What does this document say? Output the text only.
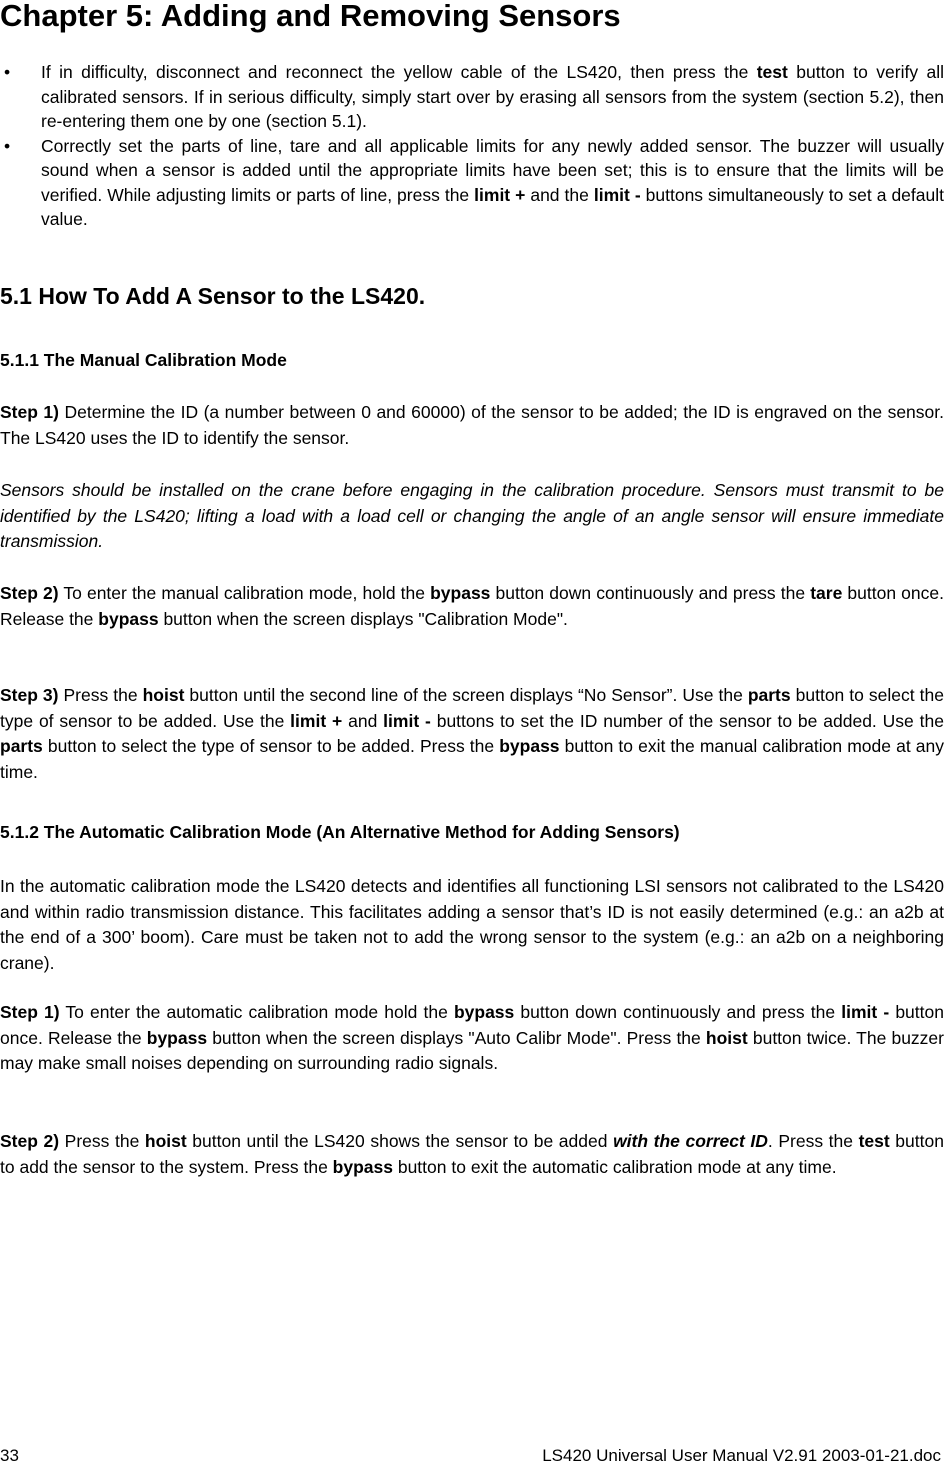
Chapter 5: Adding and Removing Sensors
• If in difficulty, disconnect and reconnect the yellow cable of the LS420, then press the test button to verify all calibrated sensors. If in serious difficulty, simply start over by erasing all sensors from the system (section 5.2), then re-entering them one by one (section 5.1).
• Correctly set the parts of line, tare and all applicable limits for any newly added sensor. The buzzer will usually sound when a sensor is added until the appropriate limits have been set; this is to ensure that the limits will be verified. While adjusting limits or parts of line, press the limit + and the limit - buttons simultaneously to set a default value.
5.1 How To Add A Sensor to the LS420.
5.1.1 The Manual Calibration Mode

Step 1) Determine the ID (a number between 0 and 60000) of the sensor to be added; the ID is engraved on the sensor. The LS420 uses the ID to identify the sensor.

Sensors should be installed on the crane before engaging in the calibration procedure. Sensors must transmit to be identified by the LS420; lifting a load with a load cell or changing the angle of an angle sensor will ensure immediate transmission.

Step 2) To enter the manual calibration mode, hold the bypass button down continuously and press the tare button once. Release the bypass button when the screen displays "Calibration Mode".

Step 3) Press the hoist button until the second line of the screen displays “No Sensor”. Use the parts button to select the type of sensor to be added. Use the limit + and limit - buttons to set the ID number of the sensor to be added. Use the parts button to select the type of sensor to be added. Press the bypass button to exit the manual calibration mode at any time.

5.1.2 The Automatic Calibration Mode (An Alternative Method for Adding Sensors)

In the automatic calibration mode the LS420 detects and identifies all functioning LSI sensors not calibrated to the LS420 and within radio transmission distance. This facilitates adding a sensor that’s ID is not easily determined (e.g.: an a2b at the end of a 300’ boom). Care must be taken not to add the wrong sensor to the system (e.g.: an a2b on a neighboring crane).

Step 1) To enter the automatic calibration mode hold the bypass button down continuously and press the limit - button once. Release the bypass button when the screen displays "Auto Calibr Mode". Press the hoist button twice. The buzzer may make small noises depending on surrounding radio signals.

Step 2) Press the hoist button until the LS420 shows the sensor to be added with the correct ID. Press the test button to add the sensor to the system. Press the bypass button to exit the automatic calibration mode at any time.

33	LS420 Universal User Manual V2.91 2003-01-21.doc
